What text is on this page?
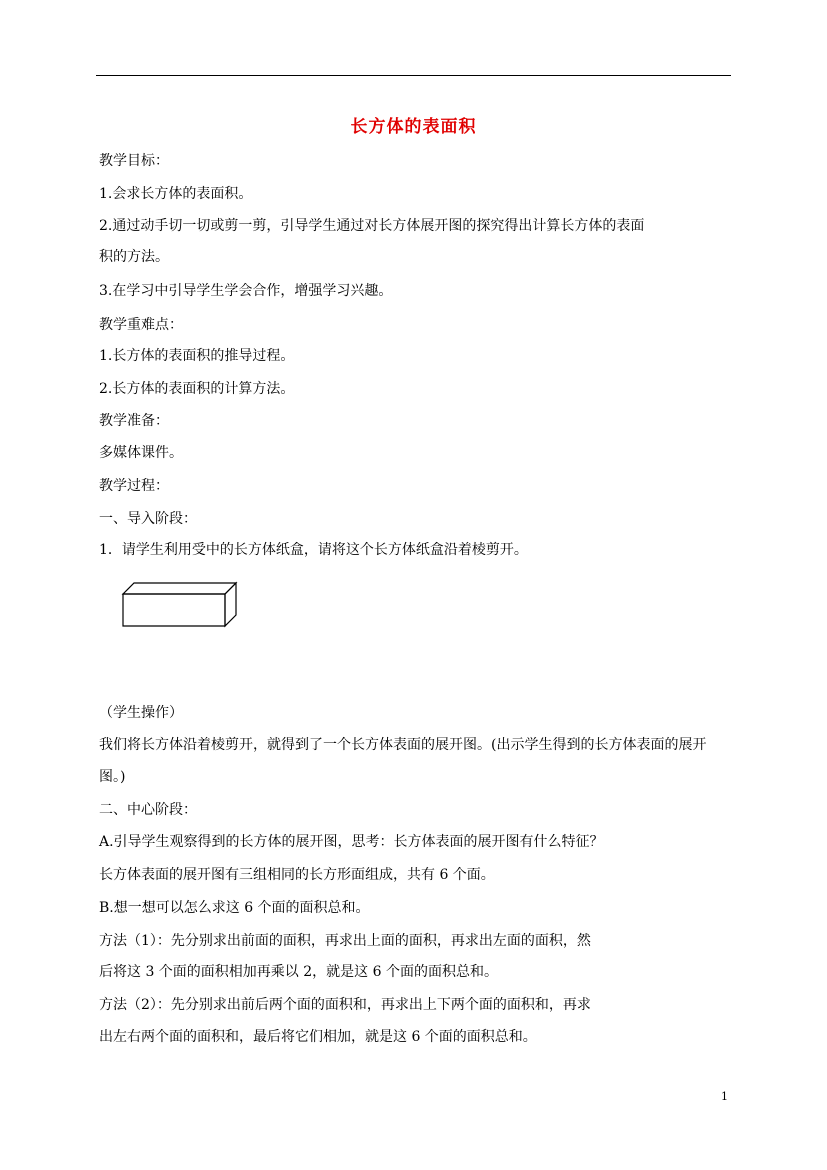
长方体的表面积
教学目标：
1.会求长方体的表面积。
2.通过动手切一切或剪一剪，引导学生通过对长方体展开图的探究得出计算长方体的表面
积的方法。
3.在学习中引导学生学会合作，增强学习兴趣。
教学重难点：
1.长方体的表面积的推导过程。
2.长方体的表面积的计算方法。
教学准备：
多媒体课件。
教学过程：
一、导入阶段：
1．请学生利用受中的长方体纸盒，请将这个长方体纸盒沿着棱剪开。
（学生操作）
我们将长方体沿着棱剪开，就得到了一个长方体表面的展开图。(出示学生得到的长方体表面的展开
图。)
二、中心阶段：
A.引导学生观察得到的长方体的展开图，思考：长方体表面的展开图有什么特征？
长方体表面的展开图有三组相同的长方形面组成，共有 6 个面。
B.想一想可以怎么求这 6 个面的面积总和。
方法（1）：先分别求出前面的面积，再求出上面的面积，再求出左面的面积，然
后将这 3 个面的面积相加再乘以 2，就是这 6 个面的面积总和。
方法（2）：先分别求出前后两个面的面积和，再求出上下两个面的面积和，再求
出左右两个面的面积和，最后将它们相加，就是这 6 个面的面积总和。
1
